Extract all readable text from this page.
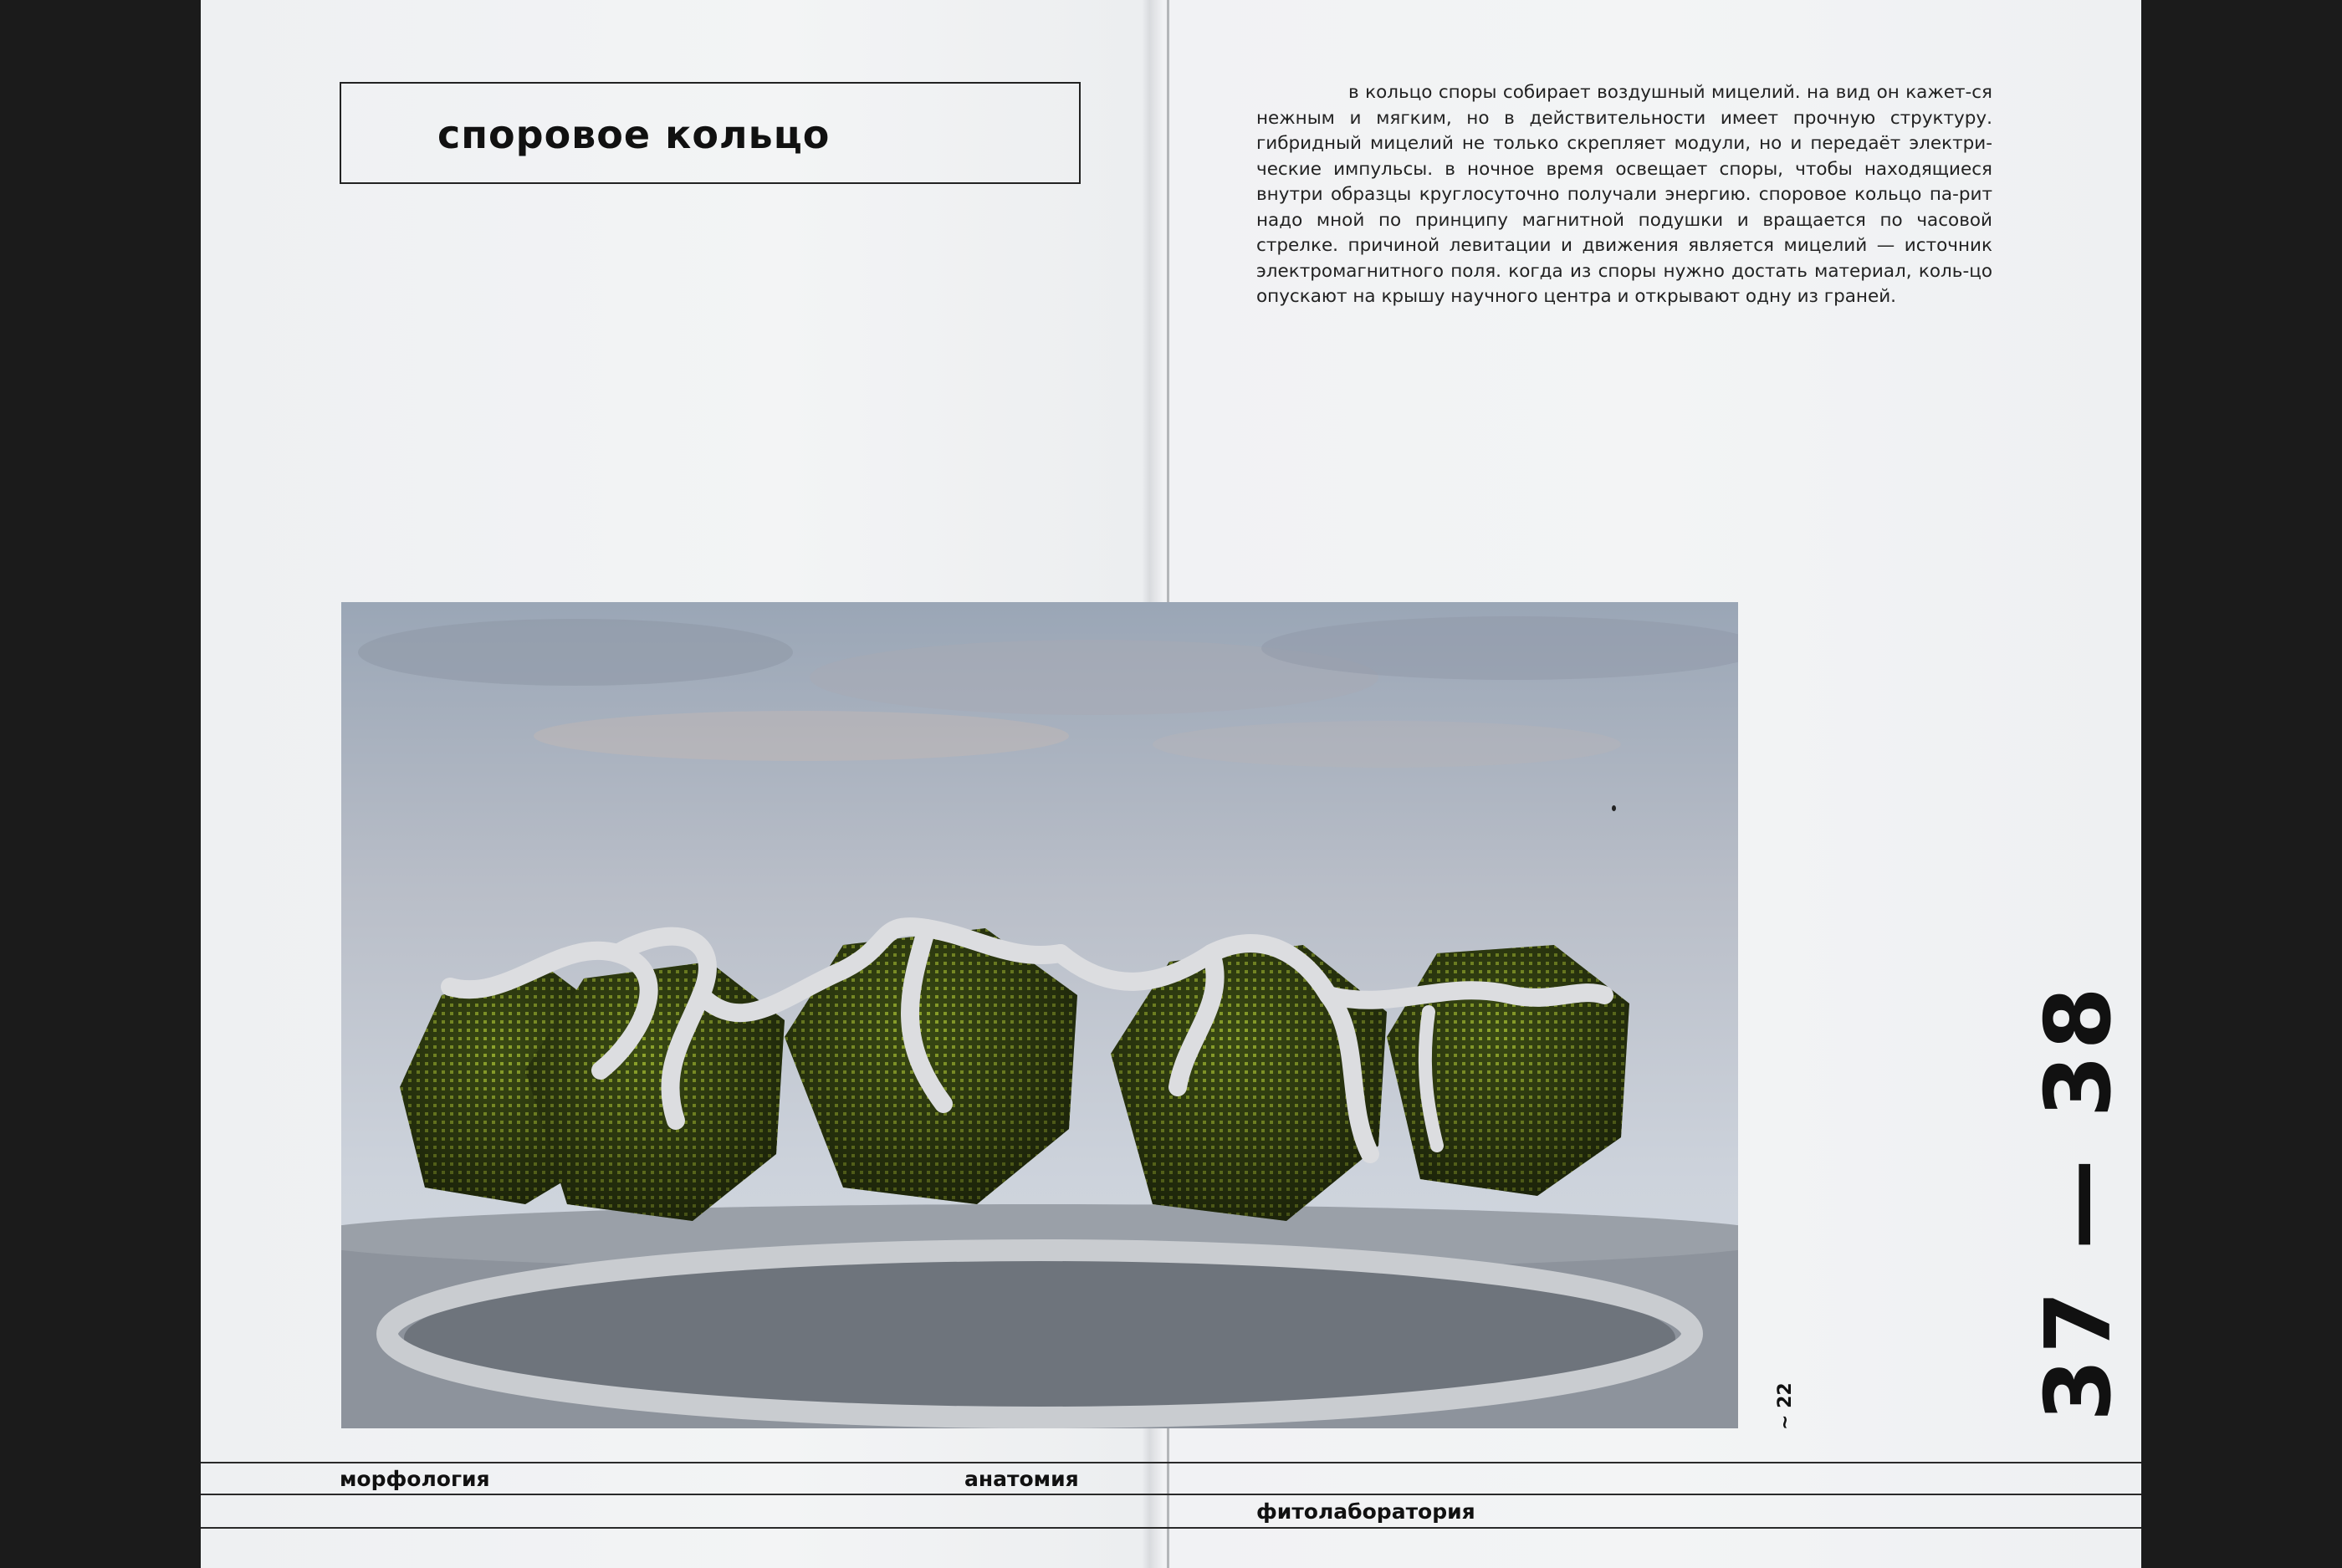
споровое кольцо
в кольцо споры собирает воздушный мицелий. на вид он кажет-ся нежным и мягким, но в действительности имеет прочную структуру. гибридный мицелий не только скрепляет модули, но и передаёт электри-ческие импульсы. в ночное время освещает споры, чтобы находящиеся внутри образцы круглосуточно получали энергию. споровое кольцо па-рит надо мной по принципу магнитной подушки и вращается по часовой стрелке. причиной левитации и движения является мицелий — источник электромагнитного поля. когда из споры нужно достать материал, коль-цо опускают на крышу научного центра и открывают одну из граней.
морфология	анатомия
фитолаборатория
~ 22	37 — 38
